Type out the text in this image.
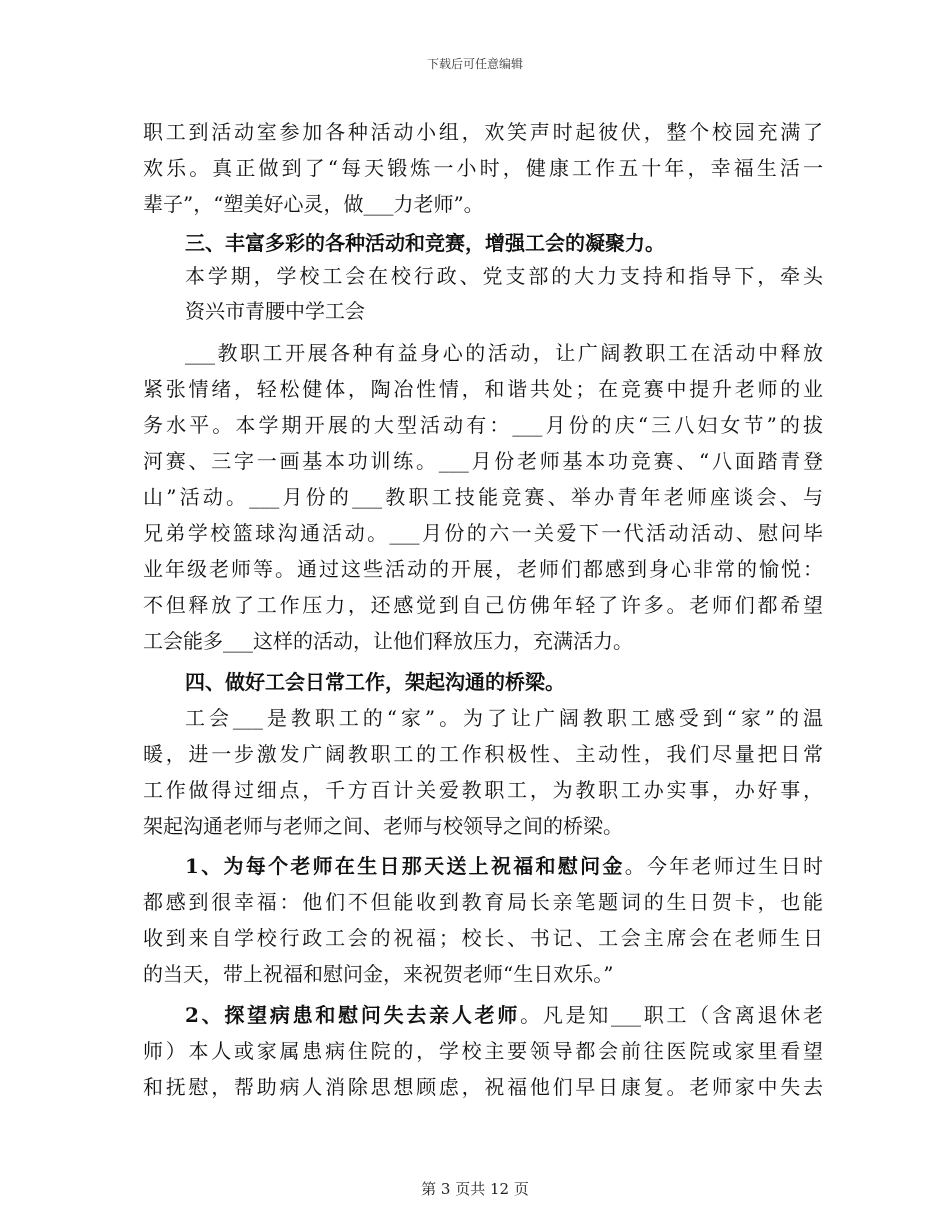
下载后可任意编辑
职工到活动室参加各种活动小组，欢笑声时起彼伏，整个校园充满了
欢乐。真正做到了“每天锻炼一小时，健康工作五十年，幸福生活一
辈子”，“塑美好心灵，做___力老师”。
三、丰富多彩的各种活动和竞赛，增强工会的凝聚力。
本学期，学校工会在校行政、党支部的大力支持和指导下，牵头
资兴市青腰中学工会
___教职工开展各种有益身心的活动，让广阔教职工在活动中释放
紧张情绪，轻松健体，陶冶性情，和谐共处；在竞赛中提升老师的业
务水平。本学期开展的大型活动有：___月份的庆“三八妇女节”的拔
河赛、三字一画基本功训练。___月份老师基本功竞赛、“八面踏青登
山”活动。___月份的___教职工技能竞赛、举办青年老师座谈会、与
兄弟学校篮球沟通活动。___月份的六一关爱下一代活动活动、慰问毕
业年级老师等。通过这些活动的开展，老师们都感到身心非常的愉悦：
不但释放了工作压力，还感觉到自己仿佛年轻了许多。老师们都希望
工会能多___这样的活动，让他们释放压力，充满活力。
四、做好工会日常工作，架起沟通的桥梁。
工会___是教职工的“家”。为了让广阔教职工感受到“家”的温
暖，进一步激发广阔教职工的工作积极性、主动性，我们尽量把日常
工作做得过细点，千方百计关爱教职工，为教职工办实事，办好事，
架起沟通老师与老师之间、老师与校领导之间的桥梁。
1、为每个老师在生日那天送上祝福和慰问金。今年老师过生日时
都感到很幸福：他们不但能收到教育局长亲笔题词的生日贺卡，也能
收到来自学校行政工会的祝福；校长、书记、工会主席会在老师生日
的当天，带上祝福和慰问金，来祝贺老师“生日欢乐。”
2、探望病患和慰问失去亲人老师。凡是知___职工（含离退休老
师）本人或家属患病住院的，学校主要领导都会前往医院或家里看望
和抚慰，帮助病人消除思想顾虑，祝福他们早日康复。老师家中失去
第 3 页共 12 页
